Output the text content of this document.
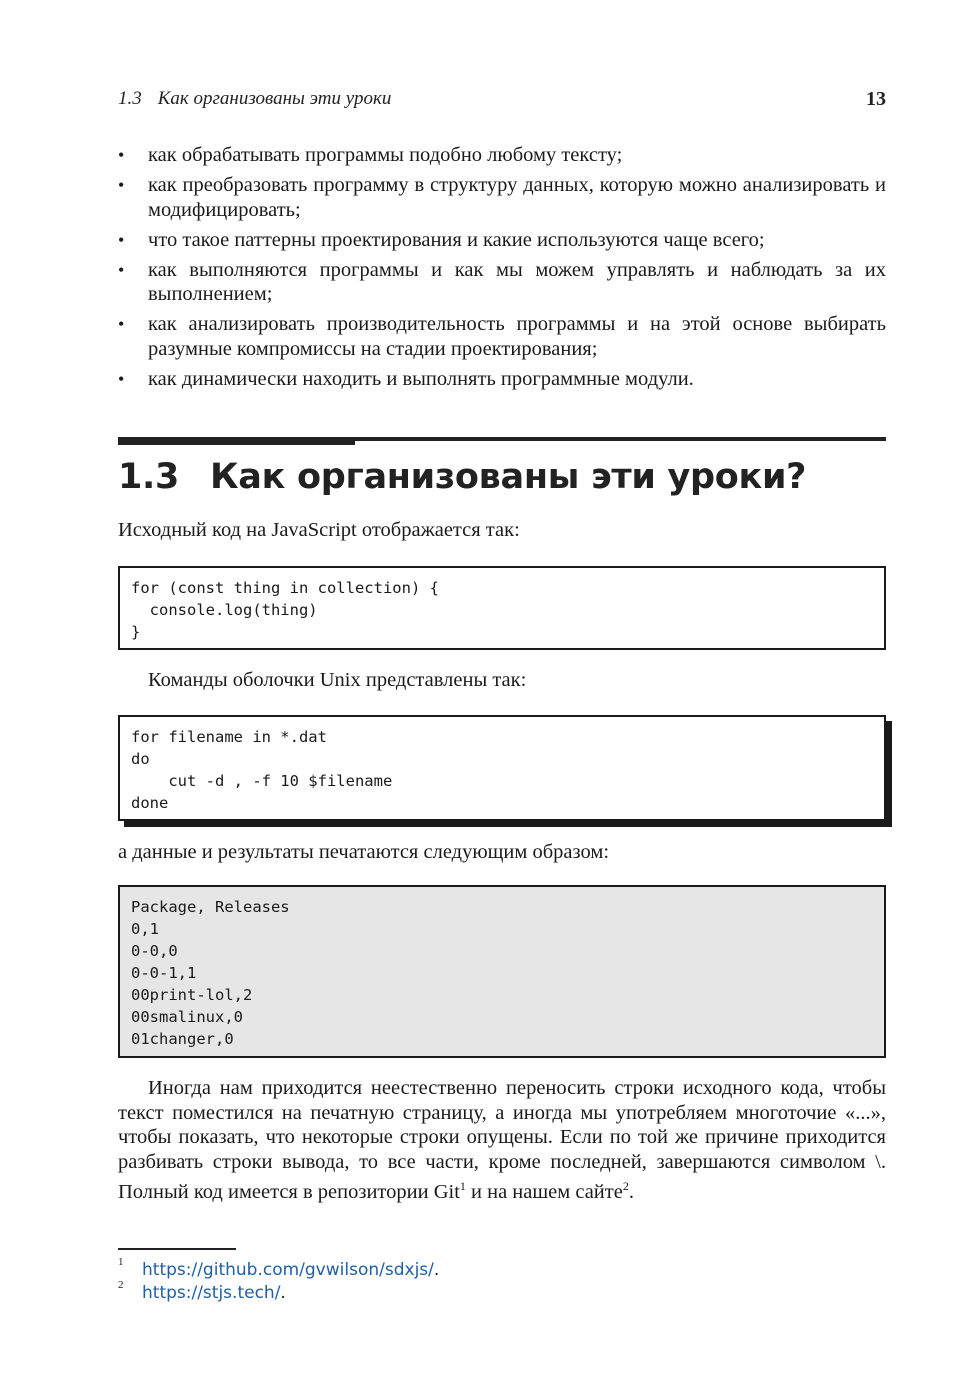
1.3 Как организованы эти уроки	13
• как обрабатывать программы подобно любому тексту;
• как преобразовать программу в структуру данных, которую можно анализировать и модифицировать;
• что такое паттерны проектирования и какие используются чаще всего;
• как выполняются программы и как мы можем управлять и наблюдать за их выполнением;
• как анализировать производительность программы и на этой основе выбирать разумные компромиссы на стадии проектирования;
• как динамически находить и выполнять программные модули.
1.3 Как организованы эти уроки?

Исходный код на JavaScript отображается так:

for (const thing in collection) {
console.log(thing)
}

Команды оболочки Unix представлены так:

for filename in *.dat
do
cut -d , -f 10 $filename
done

а данные и результаты печатаются следующим образом:

Package, Releases
0,1
0-0,0
0-0-1,1
00print-lol,2
00smalinux,0
01changer,0

Иногда нам приходится неестественно переносить строки исходного кода, чтобы текст поместился на печатную страницу, а иногда мы употребляем многоточие «...», чтобы показать, что некоторые строки опущены. Если по той же причине приходится разбивать строки вывода, то все части, кроме последней, завершаются символом \. Полный код имеется в репозитории Git$^1$ и на нашем сайте$^2$.

1 https://github.com/gvwilson/sdxjs/.
2 https://stjs.tech/.
